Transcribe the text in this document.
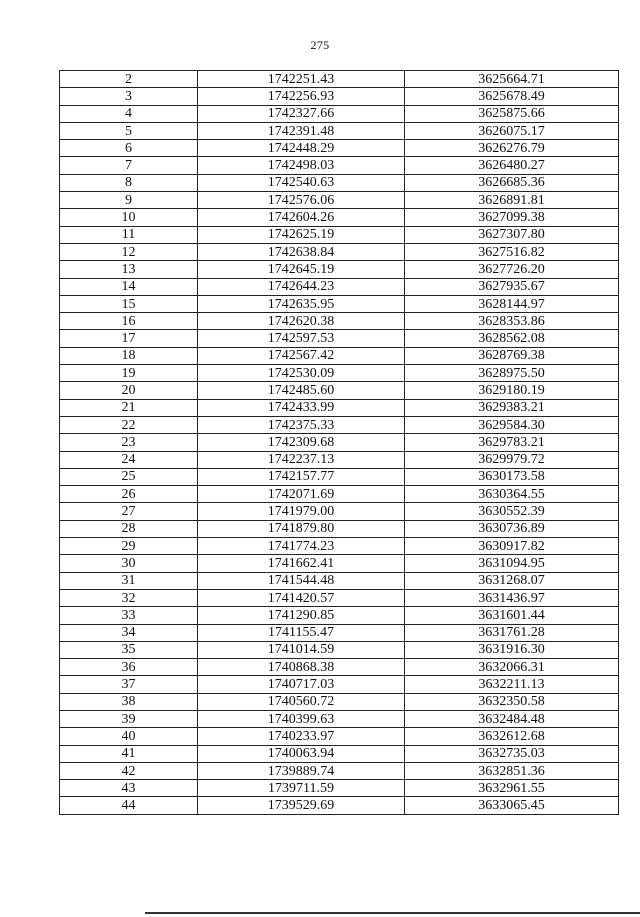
275
2	1742251.43	3625664.71
3	1742256.93	3625678.49
4	1742327.66	3625875.66
5	1742391.48	3626075.17
6	1742448.29	3626276.79
7	1742498.03	3626480.27
8	1742540.63	3626685.36
9	1742576.06	3626891.81
10	1742604.26	3627099.38
11	1742625.19	3627307.80
12	1742638.84	3627516.82
13	1742645.19	3627726.20
14	1742644.23	3627935.67
15	1742635.95	3628144.97
16	1742620.38	3628353.86
17	1742597.53	3628562.08
18	1742567.42	3628769.38
19	1742530.09	3628975.50
20	1742485.60	3629180.19
21	1742433.99	3629383.21
22	1742375.33	3629584.30
23	1742309.68	3629783.21
24	1742237.13	3629979.72
25	1742157.77	3630173.58
26	1742071.69	3630364.55
27	1741979.00	3630552.39
28	1741879.80	3630736.89
29	1741774.23	3630917.82
30	1741662.41	3631094.95
31	1741544.48	3631268.07
32	1741420.57	3631436.97
33	1741290.85	3631601.44
34	1741155.47	3631761.28
35	1741014.59	3631916.30
36	1740868.38	3632066.31
37	1740717.03	3632211.13
38	1740560.72	3632350.58
39	1740399.63	3632484.48
40	1740233.97	3632612.68
41	1740063.94	3632735.03
42	1739889.74	3632851.36
43	1739711.59	3632961.55
44	1739529.69	3633065.45
